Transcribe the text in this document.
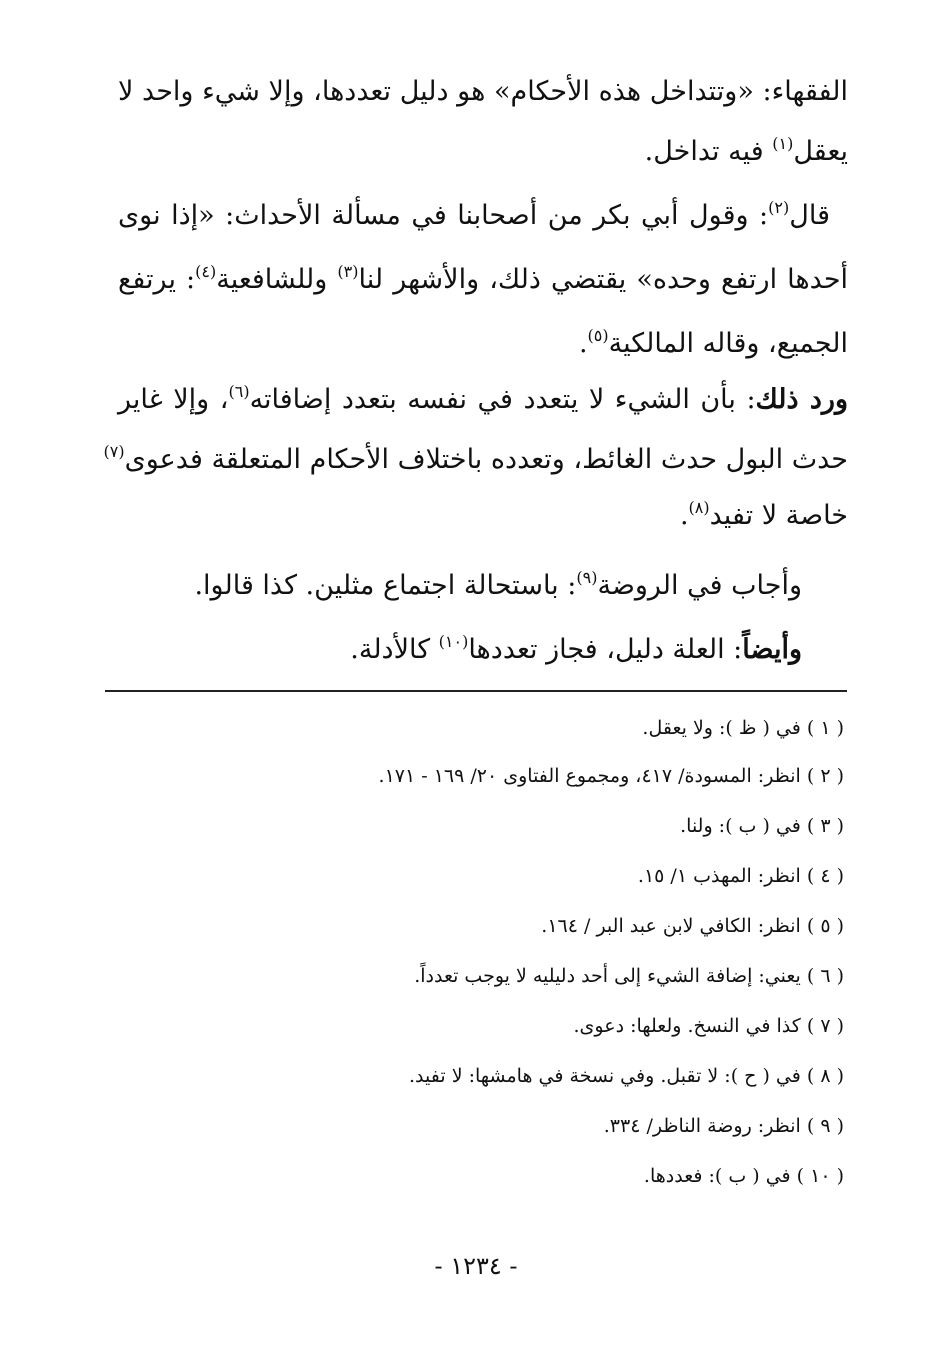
الفقهاء: «وتتداخل هذه الأحكام» هو دليل تعددها، وإلا شيء واحد لا
يعقل$^{(١)}$ فيه تداخل.
قال$^{(٢)}$: وقول أبي بكر من أصحابنا في مسألة الأحداث: «إذا نوى
أحدها ارتفع وحده» يقتضي ذلك، والأشهر لنا$^{(٣)}$ وللشافعية$^{(٤)}$: يرتفع
الجميع، وقاله المالكية$^{(٥)}$.
ورد ذلك: بأن الشيء لا يتعدد في نفسه بتعدد إضافاته$^{(٦)}$، وإلا غاير
حدث البول حدث الغائط، وتعدده باختلاف الأحكام المتعلقة فدعوى$^{(٧)}$
خاصة لا تفيد$^{(٨)}$.
وأجاب في الروضة$^{(٩)}$: باستحالة اجتماع مثلين. كذا قالوا.
وأيضاً: العلة دليل، فجاز تعددها$^{(١٠)}$ كالأدلة.
( ١ ) في ( ظ ): ولا يعقل.
( ٢ ) انظر: المسودة/ ٤١٧، ومجموع الفتاوى ٢٠/ ١٦٩ - ١٧١.
( ٣ ) في ( ب ): ولنا.
( ٤ ) انظر: المهذب ١/ ١٥.
( ٥ ) انظر: الكافي لابن عبد البر / ١٦٤.
( ٦ ) يعني: إضافة الشيء إلى أحد دليليه لا يوجب تعدداً.
( ٧ ) كذا في النسخ. ولعلها: دعوى.
( ٨ ) في ( ح ): لا تقبل. وفي نسخة في هامشها: لا تفيد.
( ٩ ) انظر: روضة الناظر/ ٣٣٤.
( ١٠ ) في ( ب ): فعددها.
- ١٢٣٤ -
